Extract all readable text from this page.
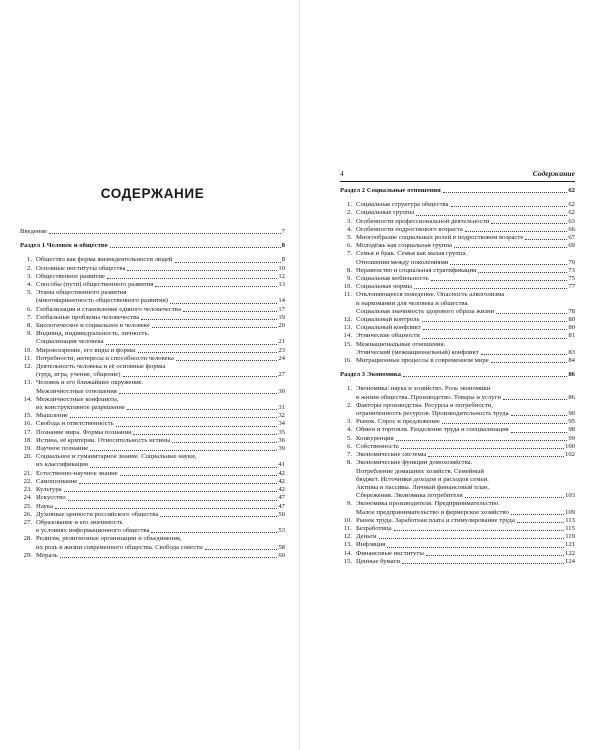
СОДЕРЖАНИЕ
4	Содержание
Введение	7
Раздел 1 Человек и общество	8
1. Общество как форма жизнедеятельности людей	8
2. Основные институты общества	10
3. Общественное развитие	12
4. Способы (пути) общественного развития	13
5. Этапы общественного развития
(многовариантность общественного развития)	14
6. Глобализация и становление единого человечества	17
7. Глобальные проблемы человечества	19
8. Биологическое и социальное в человеке	20
9. Индивид, индивидуальность, личность.
Социализация человека	21
10. Мировоззрение, его виды и формы	23
11. Потребности, интересы и способности человека	24
12. Деятельность человека и её основные формы
(труд, игра, учение, общение)	27
13. Человек и его ближайшее окружение.
Межличностные отношения	30
14. Межличностные конфликты,
их конструктивное разрешение	31
15. Мышление	32
16. Свобода и ответственность	34
17. Познание мира. Формы познания	35
18. Истина, её критерии. Относительность истины	36
19. Научное познание	39
20. Социальное и гуманитарное знание. Социальные науки,
их классификация	41
21. Естественно-научное знание	42
22. Самопознание	42
23. Культура	42
24. Искусство	47
25. Наука	47
26. Духовные ценности российского общества	50
27. Образование и его значимость
в условиях информационного общества	53
28. Религия, религиозные организации и объединения,
их роль в жизни современного общества. Свобода совести	58
29. Мораль	60
Раздел 2 Социальные отношения	62
1. Социальная структура общества	62
2. Социальные группы	62
3. Особенности профессиональной деятельности	63
4. Особенности подросткового возраста	66
5. Многообразие социальных ролей в подростковом возрасте	67
6. Молодёжь как социальная группа	69
7. Семья и брак. Семья как малая группа.
Отношения между поколениями	70
8. Неравенство и социальная стратификация	73
9. Социальная мобильность	75
10. Социальные нормы	77
11. Отклоняющееся поведение. Опасность алкоголизма
и наркомании для человека и общества.
Социальная значимость здорового образа жизни	78
12. Социальный контроль	80
13. Социальный конфликт	80
14. Этнические общности	81
15. Межнациональные отношения.
Этнический (межнациональный) конфликт	83
16. Миграционные процессы в современном мире	84
Раздел 3 Экономика	86
1. Экономика: наука и хозяйство. Роль экономики
в жизни общества. Производство. Товары и услуги	86
2. Факторы производства. Ресурсы и потребности,
ограниченность ресурсов. Производительность труда	90
3. Рынок. Спрос и предложение	95
4. Обмен и торговля. Разделение труда и специализация	98
5. Конкуренция	99
6. Собственность	100
7. Экономические системы	102
8. Экономические функции домохозяйства.
Потребление домашних хозяйств. Семейный
бюджет. Источники доходов и расходов семьи.
Активы и пассивы. Личный финансовый план.
Сбережения. Экономика потребителя	103
9. Экономика производителя. Предпринимательство.
Малое предпринимательство и фермерское хозяйство	109
10. Рынок труда. Заработная плата и стимулирование труда	113
11. Безработица	115
12. Деньги	119
13. Инфляция	121
14. Финансовые институты	122
15. Ценные бумаги	124
